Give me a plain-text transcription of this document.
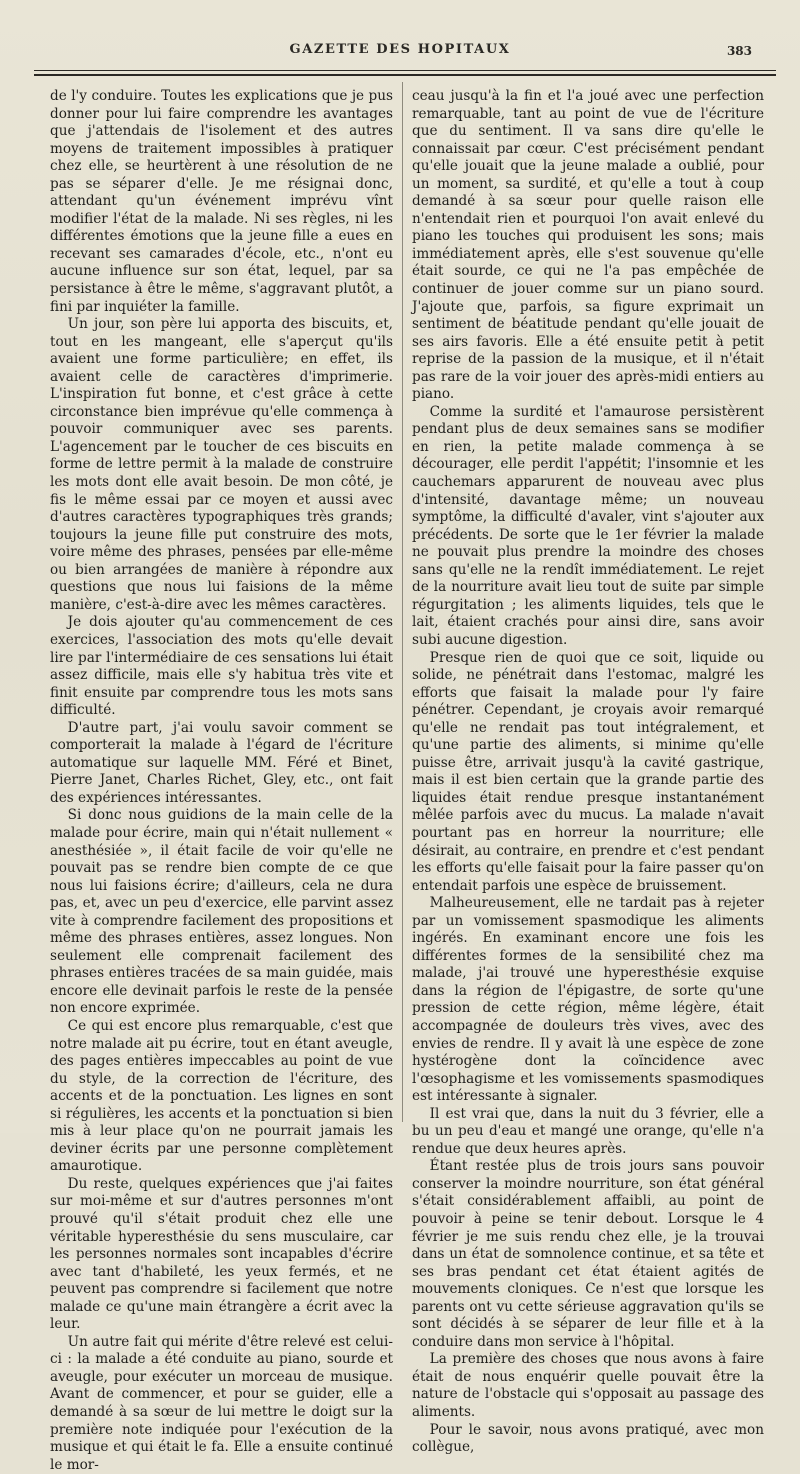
GAZETTE DES HOPITAUX	383

de l'y conduire. Toutes les explications que je pus donner pour lui faire comprendre les avantages que j'attendais de l'isolement et des autres moyens de traitement impossibles à pratiquer chez elle, se heurtèrent à une résolution de ne pas se séparer d'elle. Je me résignai donc, attendant qu'un événement imprévu vînt modifier l'état de la malade. Ni ses règles, ni les différentes émotions que la jeune fille a eues en recevant ses camarades d'école, etc., n'ont eu aucune influence sur son état, lequel, par sa persistance à être le même, s'aggravant plutôt, a fini par inquiéter la famille.

Un jour, son père lui apporta des biscuits, et, tout en les mangeant, elle s'aperçut qu'ils avaient une forme particulière; en effet, ils avaient celle de caractères d'imprimerie. L'inspiration fut bonne, et c'est grâce à cette circonstance bien imprévue qu'elle commença à pouvoir communiquer avec ses parents. L'agencement par le toucher de ces biscuits en forme de lettre permit à la malade de construire les mots dont elle avait besoin. De mon côté, je fis le même essai par ce moyen et aussi avec d'autres caractères typographiques très grands; toujours la jeune fille put construire des mots, voire même des phrases, pensées par elle-même ou bien arrangées de manière à répondre aux questions que nous lui faisions de la même manière, c'est-à-dire avec les mêmes caractères.

Je dois ajouter qu'au commencement de ces exercices, l'association des mots qu'elle devait lire par l'intermédiaire de ces sensations lui était assez difficile, mais elle s'y habitua très vite et finit ensuite par comprendre tous les mots sans difficulté.

D'autre part, j'ai voulu savoir comment se comporterait la malade à l'égard de l'écriture automatique sur laquelle MM. Féré et Binet, Pierre Janet, Charles Richet, Gley, etc., ont fait des expériences intéressantes.

Si donc nous guidions de la main celle de la malade pour écrire, main qui n'était nullement « anesthésiée », il était facile de voir qu'elle ne pouvait pas se rendre bien compte de ce que nous lui faisions écrire; d'ailleurs, cela ne dura pas, et, avec un peu d'exercice, elle parvint assez vite à comprendre facilement des propositions et même des phrases entières, assez longues. Non seulement elle comprenait facilement des phrases entières tracées de sa main guidée, mais encore elle devinait parfois le reste de la pensée non encore exprimée.

Ce qui est encore plus remarquable, c'est que notre malade ait pu écrire, tout en étant aveugle, des pages entières impeccables au point de vue du style, de la correction de l'écriture, des accents et de la ponctuation. Les lignes en sont si régulières, les accents et la ponctuation si bien mis à leur place qu'on ne pourrait jamais les deviner écrits par une personne complètement amaurotique.

Du reste, quelques expériences que j'ai faites sur moi-même et sur d'autres personnes m'ont prouvé qu'il s'était produit chez elle une véritable hyperesthésie du sens musculaire, car les personnes normales sont incapables d'écrire avec tant d'habileté, les yeux fermés, et ne peuvent pas comprendre si facilement que notre malade ce qu'une main étrangère a écrit avec la leur.

Un autre fait qui mérite d'être relevé est celui-ci : la malade a été conduite au piano, sourde et aveugle, pour exécuter un morceau de musique. Avant de commencer, et pour se guider, elle a demandé à sa sœur de lui mettre le doigt sur la première note indiquée pour l'exécution de la musique et qui était le fa. Elle a ensuite continué le mor-

ceau jusqu'à la fin et l'a joué avec une perfection remarquable, tant au point de vue de l'écriture que du sentiment. Il va sans dire qu'elle le connaissait par cœur. C'est précisément pendant qu'elle jouait que la jeune malade a oublié, pour un moment, sa surdité, et qu'elle a tout à coup demandé à sa sœur pour quelle raison elle n'entendait rien et pourquoi l'on avait enlevé du piano les touches qui produisent les sons; mais immédiatement après, elle s'est souvenue qu'elle était sourde, ce qui ne l'a pas empêchée de continuer de jouer comme sur un piano sourd. J'ajoute que, parfois, sa figure exprimait un sentiment de béatitude pendant qu'elle jouait de ses airs favoris. Elle a été ensuite petit à petit reprise de la passion de la musique, et il n'était pas rare de la voir jouer des après-midi entiers au piano.

Comme la surdité et l'amaurose persistèrent pendant plus de deux semaines sans se modifier en rien, la petite malade commença à se décourager, elle perdit l'appétit; l'insomnie et les cauchemars apparurent de nouveau avec plus d'intensité, davantage même; un nouveau symptôme, la difficulté d'avaler, vint s'ajouter aux précédents. De sorte que le 1er février la malade ne pouvait plus prendre la moindre des choses sans qu'elle ne la rendît immédiatement. Le rejet de la nourriture avait lieu tout de suite par simple régurgitation ; les aliments liquides, tels que le lait, étaient crachés pour ainsi dire, sans avoir subi aucune digestion.

Presque rien de quoi que ce soit, liquide ou solide, ne pénétrait dans l'estomac, malgré les efforts que faisait la malade pour l'y faire pénétrer. Cependant, je croyais avoir remarqué qu'elle ne rendait pas tout intégralement, et qu'une partie des aliments, si minime qu'elle puisse être, arrivait jusqu'à la cavité gastrique, mais il est bien certain que la grande partie des liquides était rendue presque instantanément mêlée parfois avec du mucus. La malade n'avait pourtant pas en horreur la nourriture; elle désirait, au contraire, en prendre et c'est pendant les efforts qu'elle faisait pour la faire passer qu'on entendait parfois une espèce de bruissement.

Malheureusement, elle ne tardait pas à rejeter par un vomissement spasmodique les aliments ingérés. En examinant encore une fois les différentes formes de la sensibilité chez ma malade, j'ai trouvé une hyperesthésie exquise dans la région de l'épigastre, de sorte qu'une pression de cette région, même légère, était accompagnée de douleurs très vives, avec des envies de rendre. Il y avait là une espèce de zone hystérogène dont la coïncidence avec l'œsophagisme et les vomissements spasmodiques est intéressante à signaler.

Il est vrai que, dans la nuit du 3 février, elle a bu un peu d'eau et mangé une orange, qu'elle n'a rendue que deux heures après.

Étant restée plus de trois jours sans pouvoir conserver la moindre nourriture, son état général s'était considérablement affaibli, au point de pouvoir à peine se tenir debout. Lorsque le 4 février je me suis rendu chez elle, je la trouvai dans un état de somnolence continue, et sa tête et ses bras pendant cet état étaient agités de mouvements cloniques. Ce n'est que lorsque les parents ont vu cette sérieuse aggravation qu'ils se sont décidés à se séparer de leur fille et à la conduire dans mon service à l'hôpital.

La première des choses que nous avons à faire était de nous enquérir quelle pouvait être la nature de l'obstacle qui s'opposait au passage des aliments.

Pour le savoir, nous avons pratiqué, avec mon collègue,
